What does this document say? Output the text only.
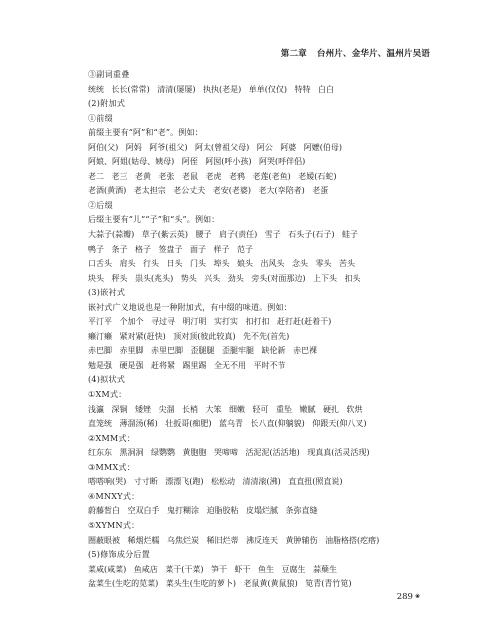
第二章 台州片、金华片、温州片吴语
③副词重叠
统统 长长(常常) 清清(屡屡) 执执(老是) 单单(仅仅) 特特 白白
(2)附加式
①前缀
前缀主要有“阿”和“老”。例如：
阿伯(父) 阿妈 阿爷(祖父) 阿太(曾祖父母) 阿公 阿婆 阿嬷(伯母)
阿娘、阿姐(姑母、姨母) 阿侄 阿囡(呼小孩) 阿哭(呼伴侣)
老二 老三 老黄 老张 老鼠 老虎 老鸦 老莲(老鱼) 老嫒(石蛇)
老酒(黄酒) 老太担宗 老公丈夫 老安(老婆) 老大(孪陪者) 老蛋
②后缀
后缀主要有“儿”“子”和“头”。例如：
大蒜子(蒜瓣) 草子(紫云英) 腰子 肩子(责任) 雪子 石头子(石子) 蛙子
鸭子 条子 格子 签盘子 面子 样子 范子
口舌头 肩头 行头 日头 门头 埠头 娘头 出风头 念头 零头 苦头
块头 秤头 祟头(兆头) 势头 兴头 劲头 旁头(对面那边) 上下头 扣头
(3)嵌衬式
嵌衬式广义地说也是一种附加式，有中缀的味道。例如：
平汀平 个加个 寻过寻 明汀明 实打实 扣打扣 赶打赶(赶着干)
癞汀癞 紧对紧(赶快) 顶对顶(彼此较真) 先不先(首先)
赤巴脚 赤里脚 赤里巴脚 歪腿腿 歪腿牢腿 缺伦新 赤巴裸
勉是强 硬是强 赶将紧 踢里踢 全无不用 平时不节
(4)拟状式
①XM式：
浅瀛 深铜 矮矬 尖溜 长梢 大笨 细嫩 轻可 重坠 嫩腻 硬扎 软烘
直笼统 薄溜汤(稀) 壮扳哥(痴肥) 蓝乌青 长八直(仰躺貌) 仰跟天(仰八叉)
②XMM式：
红东东 黑洞洞 绿鹦鹦 黄胞胞 哭啼啼 活泥泥(活活地) 现真真(活灵活现)
③MMX式：
嗒嗒响(哭) 寸寸断 漂漂飞(跑) 松松动 清清滚(沸) 直直扭(照直说)
④MNXY式：
蔚藤皙白 空双白手 鬼打糊涂 迫脂胶粘 皮塌烂腻 条弥直缝
⑤XYMN式：
圈蔽眼被 稀烟烂糯 乌焦烂炭 稀旧烂蒂 沸反连天 黄肿辅伤 油脂格搭(疙瘩)
(5)修饰成分后置
菜咸(咸菜) 鱼咸店 菜干(干菜) 笋干 虾干 鱼生 豆腐生 蒜蘖生
盆菜生(生吃的苋菜) 菜头生(生吃的萝卜) 老鼠黄(黄鼠狼) 笕青(青竹笕)
289 ❀
